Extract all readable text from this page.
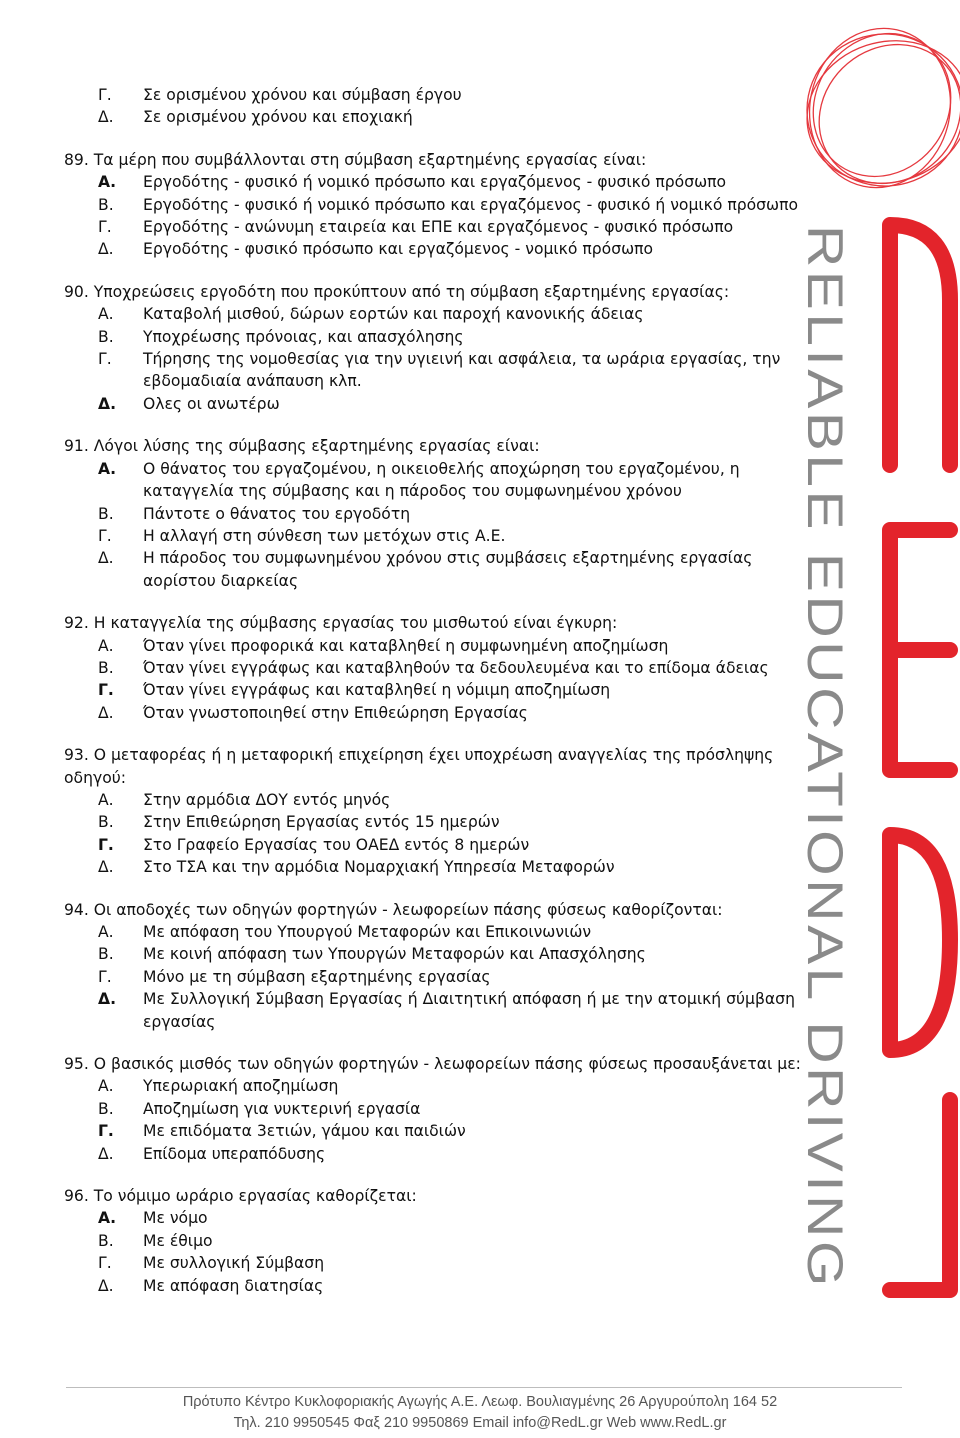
RELIABLE EDUCATIONAL DRIVING
Γ.	Σε ορισμένου χρόνου και σύμβαση έργου
Δ.	Σε ορισμένου χρόνου και εποχιακή
89. Τα μέρη που συμβάλλονται στη σύμβαση εξαρτημένης εργασίας είναι:
Α.	Εργοδότης - φυσικό ή νομικό πρόσωπο και εργαζόμενος - φυσικό πρόσωπο
Β.	Εργοδότης - φυσικό ή νομικό πρόσωπο και εργαζόμενος - φυσικό ή νομικό πρόσωπο
Γ.	Εργοδότης - ανώνυμη εταιρεία και ΕΠΕ και εργαζόμενος - φυσικό πρόσωπο
Δ.	Εργοδότης - φυσικό πρόσωπο και εργαζόμενος - νομικό πρόσωπο
90. Υποχρεώσεις εργοδότη που προκύπτουν από τη σύμβαση εξαρτημένης εργασίας:
Α.	Καταβολή μισθού, δώρων εορτών και παροχή κανονικής άδειας
Β.	Υποχρέωσης πρόνοιας, και απασχόλησης
Γ.	Τήρησης της νομοθεσίας για την υγιεινή και ασφάλεια, τα ωράρια εργασίας, την εβδομαδιαία ανάπαυση κλπ.
Δ.	Ολες οι ανωτέρω
91. Λόγοι λύσης της σύμβασης εξαρτημένης εργασίας είναι:
Α.	Ο θάνατος του εργαζομένου, η οικειοθελής αποχώρηση του εργαζομένου, η καταγγελία της σύμβασης και η πάροδος του συμφωνημένου χρόνου
Β.	Πάντοτε ο θάνατος του εργοδότη
Γ.	Η αλλαγή στη σύνθεση των μετόχων στις Α.Ε.
Δ.	Η πάροδος του συμφωνημένου χρόνου στις συμβάσεις εξαρτημένης εργασίας αορίστου διαρκείας
92. Η καταγγελία της σύμβασης εργασίας του μισθωτού είναι έγκυρη:
Α.	Όταν γίνει προφορικά και καταβληθεί η συμφωνημένη αποζημίωση
Β.	Όταν γίνει εγγράφως και καταβληθούν τα δεδουλευμένα και το επίδομα άδειας
Γ.	Όταν γίνει εγγράφως και καταβληθεί η νόμιμη αποζημίωση
Δ.	Όταν γνωστοποιηθεί στην Επιθεώρηση Εργασίας
93. Ο μεταφορέας ή η μεταφορική επιχείρηση έχει υποχρέωση αναγγελίας της πρόσληψης οδηγού:
Α.	Στην αρμόδια ΔΟΥ εντός μηνός
Β.	Στην Επιθεώρηση Εργασίας εντός 15 ημερών
Γ.	Στο Γραφείο Εργασίας του ΟΑΕΔ εντός 8 ημερών
Δ.	Στο ΤΣΑ και την αρμόδια Νομαρχιακή Υπηρεσία Μεταφορών
94. Οι αποδοχές των οδηγών φορτηγών - λεωφορείων πάσης φύσεως καθορίζονται:
Α.	Με απόφαση του Υπουργού Μεταφορών και Επικοινωνιών
Β.	Με κοινή απόφαση των Υπουργών Μεταφορών και Απασχόλησης
Γ.	Μόνο με τη σύμβαση εξαρτημένης εργασίας
Δ.	Με Συλλογική Σύμβαση Εργασίας ή Διαιτητική απόφαση ή με την ατομική σύμβαση εργασίας
95. Ο βασικός μισθός των οδηγών φορτηγών - λεωφορείων πάσης φύσεως προσαυξάνεται με:
Α.	Υπερωριακή αποζημίωση
Β.	Αποζημίωση για νυκτερινή εργασία
Γ.	Με επιδόματα 3ετιών, γάμου και παιδιών
Δ.	Επίδομα υπεραπόδυσης
96. Το νόμιμο ωράριο εργασίας καθορίζεται:
Α.	Με νόμο
Β.	Με έθιμο
Γ.	Με συλλογική Σύμβαση
Δ.	Με απόφαση διατησίας
Πρότυπο Κέντρο Κυκλοφοριακής Αγωγής Α.Ε. Λεωφ. Βουλιαγμένης 26 Αργυρούπολη 164 52
Τηλ. 210 9950545 Φαξ 210 9950869 Email info@RedL.gr Web www.RedL.gr
